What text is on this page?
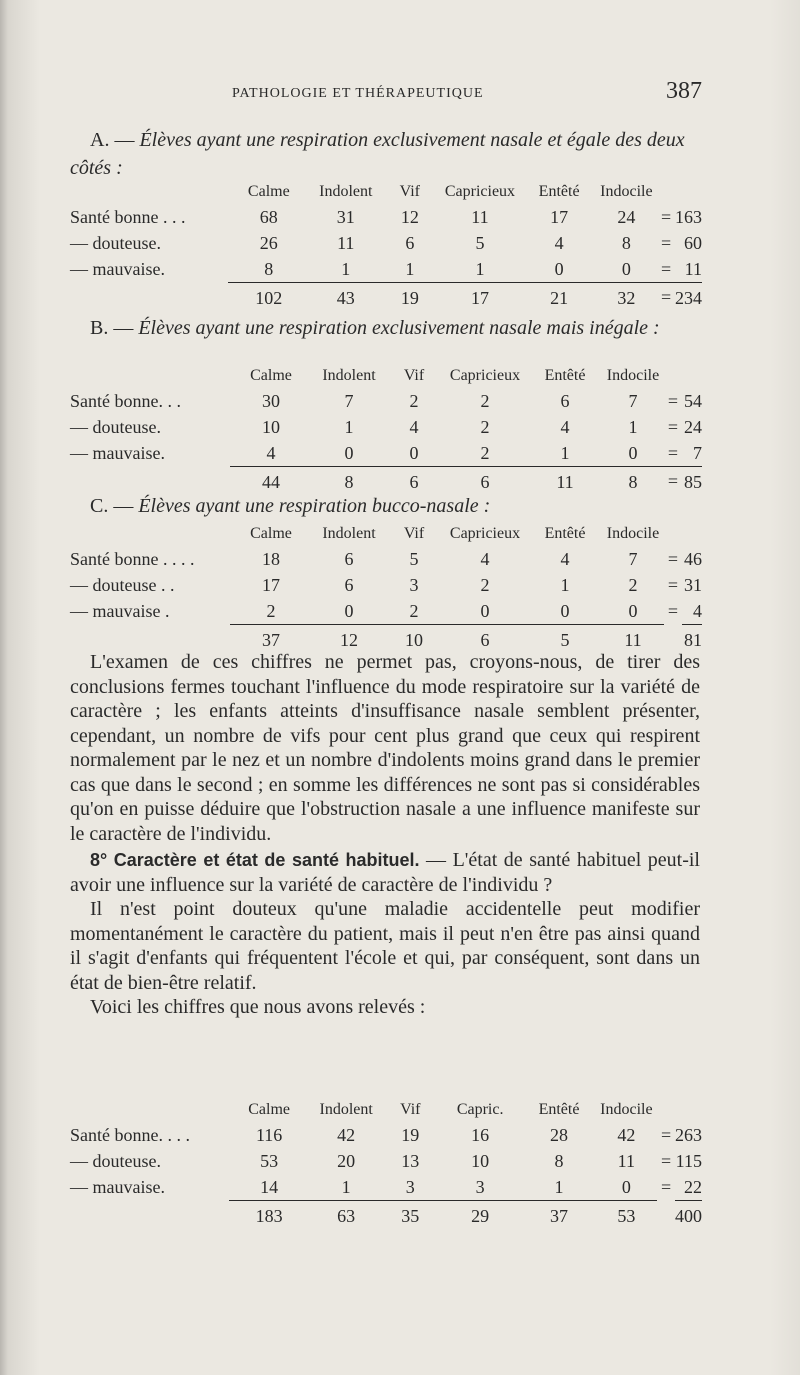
PATHOLOGIE ET THÉRAPEUTIQUE	387
A. — Élèves ayant une respiration exclusivement nasale et égale des deux côtés :
	Calme	Indolent	Vif	Capricieux	Entêté	Indocile		
Santé bonne . . .	68	31	12	11	17	24	=	163
— douteuse.	26	11	6	5	4	8	=	60
— mauvaise.	8	1	1	1	0	0	=	11
	102	43	19	17	21	32	=	234
B. — Élèves ayant une respiration exclusivement nasale mais inégale :
	Calme	Indolent	Vif	Capricieux	Entêté	Indocile		
Santé bonne. . .	30	7	2	2	6	7	=	54
— douteuse.	10	1	4	2	4	1	=	24
— mauvaise.	4	0	0	2	1	0	=	7
	44	8	6	6	11	8	=	85
C. — Élèves ayant une respiration bucco-nasale :
	Calme	Indolent	Vif	Capricieux	Entêté	Indocile		
Santé bonne . . . .	18	6	5	4	4	7	=	46
— douteuse . .	17	6	3	2	1	2	=	31
— mauvaise .	2	0	2	0	0	0	=	4
	37	12	10	6	5	11		81

L'examen de ces chiffres ne permet pas, croyons-nous, de tirer des conclusions fermes touchant l'influence du mode respiratoire sur la variété de caractère ; les enfants atteints d'insuffisance nasale semblent présenter, cependant, un nombre de vifs pour cent plus grand que ceux qui respirent normalement par le nez et un nombre d'indolents moins grand dans le premier cas que dans le second ; en somme les différences ne sont pas si considérables qu'on en puisse déduire que l'obstruction nasale a une influence manifeste sur le caractère de l'individu.

8° Caractère et état de santé habituel. — L'état de santé habituel peut-il avoir une influence sur la variété de caractère de l'individu ?

Il n'est point douteux qu'une maladie accidentelle peut modifier momentanément le caractère du patient, mais il peut n'en être pas ainsi quand il s'agit d'enfants qui fréquentent l'école et qui, par conséquent, sont dans un état de bien-être relatif.

Voici les chiffres que nous avons relevés :

	Calme	Indolent	Vif	Capric.	Entêté	Indocile		
Santé bonne. . . .	116	42	19	16	28	42	=	263
— douteuse.	53	20	13	10	8	11	=	115
— mauvaise.	14	1	3	3	1	0	=	22
	183	63	35	29	37	53		400
